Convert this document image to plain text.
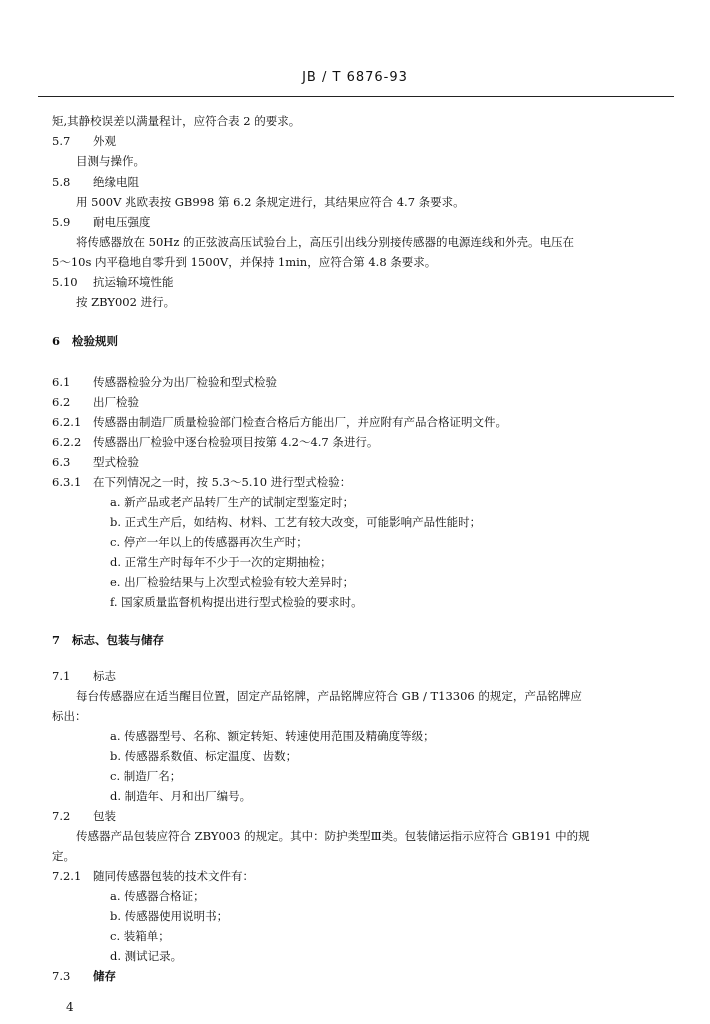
JB / T 6876-93
矩,其静校误差以满量程计，应符合表 2 的要求。
5.7 外观
目测与操作。
5.8 绝缘电阻
用 500V 兆欧表按 GB998 第 6.2 条规定进行，其结果应符合 4.7 条要求。
5.9 耐电压强度
将传感器放在 50Hz 的正弦波高压试验台上，高压引出线分别接传感器的电源连线和外壳。电压在
5～10s 内平稳地自零升到 1500V，并保持 1min，应符合第 4.8 条要求。
5.10 抗运输环境性能
按 ZBY002 进行。
6 检验规则
6.1 传感器检验分为出厂检验和型式检验
6.2 出厂检验
6.2.1 传感器由制造厂质量检验部门检查合格后方能出厂，并应附有产品合格证明文件。
6.2.2 传感器出厂检验中逐台检验项目按第 4.2～4.7 条进行。
6.3 型式检验
6.3.1 在下列情况之一时，按 5.3～5.10 进行型式检验：
a. 新产品或老产品转厂生产的试制定型鉴定时；
b. 正式生产后，如结构、材料、工艺有较大改变，可能影响产品性能时；
c. 停产一年以上的传感器再次生产时；
d. 正常生产时每年不少于一次的定期抽检；
e. 出厂检验结果与上次型式检验有较大差异时；
f. 国家质量监督机构提出进行型式检验的要求时。
7 标志、包装与储存
7.1 标志
每台传感器应在适当醒目位置，固定产品铭牌，产品铭牌应符合 GB / T13306 的规定，产品铭牌应
标出：
a. 传感器型号、名称、额定转矩、转速使用范围及精确度等级；
b. 传感器系数值、标定温度、齿数；
c. 制造厂名；
d. 制造年、月和出厂编号。
7.2 包装
传感器产品包装应符合 ZBY003 的规定。其中：防护类型Ⅲ类。包装储运指示应符合 GB191 中的规
定。
7.2.1 随同传感器包装的技术文件有：
a. 传感器合格证；
b. 传感器使用说明书；
c. 装箱单；
d. 测试记录。
7.3 储存
4
